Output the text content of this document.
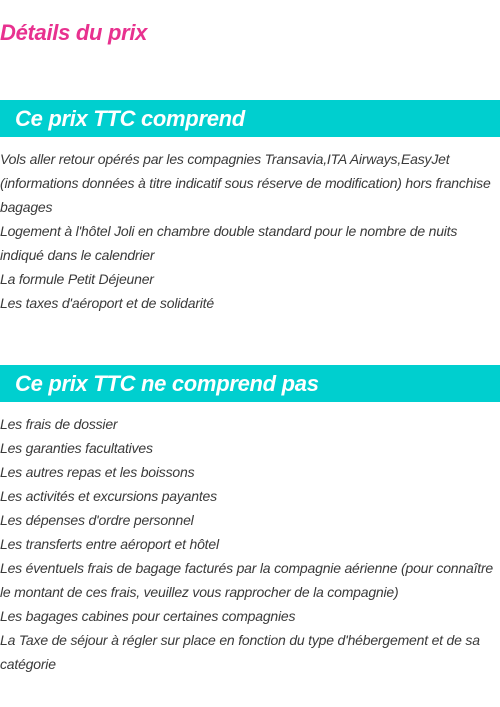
Détails du prix
Ce prix TTC comprend
Vols aller retour opérés par les compagnies Transavia,ITA Airways,EasyJet (informations données à titre indicatif sous réserve de modification) hors franchise bagages
Logement à l'hôtel Joli en chambre double standard pour le nombre de nuits indiqué dans le calendrier
La formule Petit Déjeuner
Les taxes d'aéroport et de solidarité
Ce prix TTC ne comprend pas
Les frais de dossier
Les garanties facultatives
Les autres repas et les boissons
Les activités et excursions payantes
Les dépenses d'ordre personnel
Les transferts entre aéroport et hôtel
Les éventuels frais de bagage facturés par la compagnie aérienne (pour connaître le montant de ces frais, veuillez vous rapprocher de la compagnie)
Les bagages cabines pour certaines compagnies
La Taxe de séjour à régler sur place en fonction du type d'hébergement et de sa catégorie
